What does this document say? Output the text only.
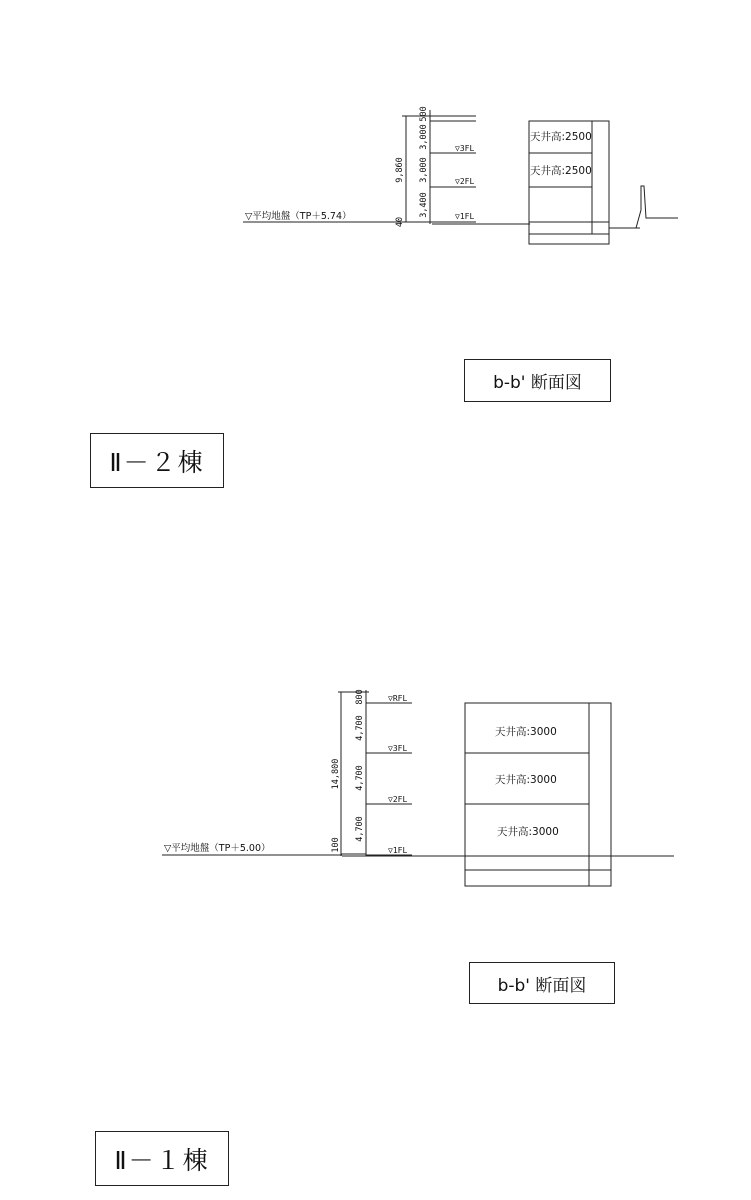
▽平均地盤（TP＋5.74）
9,860
500
3,000
3,000
3,400
40
▽3FL
▽2FL
▽1FL
天井高:2500
天井高:2500
▽平均地盤（TP＋5.00）
14,800
800
4,700
4,700
4,700
100
▽RFL
▽3FL
▽2FL
▽1FL
天井高:3000
天井高:3000
天井高:3000
b-b' 断面図
Ⅱ－２棟
b-b' 断面図
Ⅱ－１棟
